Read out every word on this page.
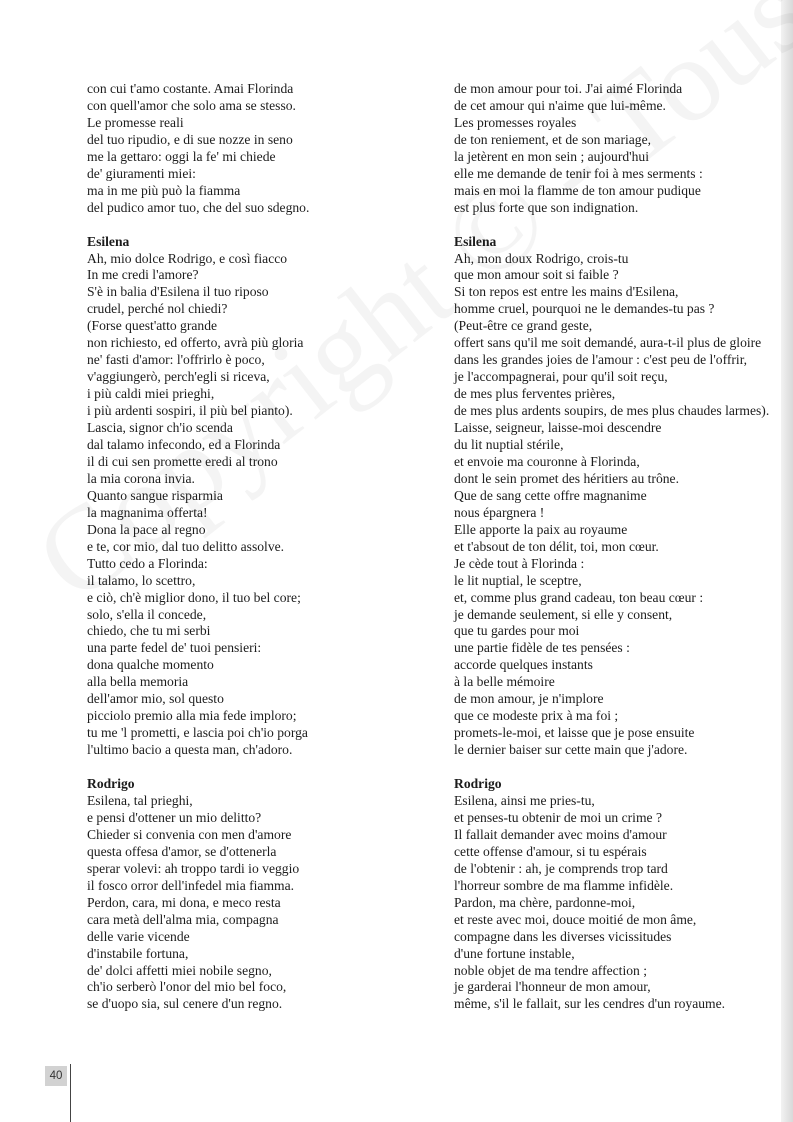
con cui t'amo costante. Amai Florinda
con quell'amor che solo ama se stesso.
Le promesse reali
del tuo ripudio, e di sue nozze in seno
me la gettaro: oggi la fe' mi chiede
de' giuramenti miei:
ma in me più può la fiamma
del pudico amor tuo, che del suo sdegno.
Esilena
Ah, mio dolce Rodrigo, e così fiacco
In me credi l'amore?
S'è in balia d'Esilena il tuo riposo
crudel, perché nol chiedi?
(Forse quest'atto grande
non richiesto, ed offerto, avrà più gloria
ne' fasti d'amor: l'offrirlo è poco,
v'aggiungerò, perch'egli si riceva,
i più caldi miei prieghi,
i più ardenti sospiri, il più bel pianto).
Lascia, signor ch'io scenda
dal talamo infecondo, ed a Florinda
il di cui sen promette eredi al trono
la mia corona invia.
Quanto sangue risparmia
la magnanima offerta!
Dona la pace al regno
e te, cor mio, dal tuo delitto assolve.
Tutto cedo a Florinda:
il talamo, lo scettro,
e ciò, ch'è miglior dono, il tuo bel core;
solo, s'ella il concede,
chiedo, che tu mi serbi
una parte fedel de' tuoi pensieri:
dona qualche momento
alla bella memoria
dell'amor mio, sol questo
picciolo premio alla mia fede imploro;
tu me 'l prometti, e lascia poi ch'io porga
l'ultimo bacio a questa man, ch'adoro.
Rodrigo
Esilena, tal prieghi,
e pensi d'ottener un mio delitto?
Chieder si convenia con men d'amore
questa offesa d'amor, se d'ottenerla
sperar volevi: ah troppo tardi io veggio
il fosco orror dell'infedel mia fiamma.
Perdon, cara, mi dona, e meco resta
cara metà dell'alma mia, compagna
delle varie vicende
d'instabile fortuna,
de' dolci affetti miei nobile segno,
ch'io serberò l'onor del mio bel foco,
se d'uopo sia, sul cenere d'un regno.
de mon amour pour toi. J'ai aimé Florinda
de cet amour qui n'aime que lui-même.
Les promesses royales
de ton reniement, et de son mariage,
la jetèrent en mon sein ; aujourd'hui
elle me demande de tenir foi à mes serments :
mais en moi la flamme de ton amour pudique
est plus forte que son indignation.
Esilena
Ah, mon doux Rodrigo, crois-tu
que mon amour soit si faible ?
Si ton repos est entre les mains d'Esilena,
homme cruel, pourquoi ne le demandes-tu pas ?
(Peut-être ce grand geste,
offert sans qu'il me soit demandé, aura-t-il plus de gloire
dans les grandes joies de l'amour : c'est peu de l'offrir,
je l'accompagnerai, pour qu'il soit reçu,
de mes plus ferventes prières,
de mes plus ardents soupirs, de mes plus chaudes larmes).
Laisse, seigneur, laisse-moi descendre
du lit nuptial stérile,
et envoie ma couronne à Florinda,
dont le sein promet des héritiers au trône.
Que de sang cette offre magnanime
nous épargnera !
Elle apporte la paix au royaume
et t'absout de ton délit, toi, mon cœur.
Je cède tout à Florinda :
le lit nuptial, le sceptre,
et, comme plus grand cadeau, ton beau cœur :
je demande seulement, si elle y consent,
que tu gardes pour moi
une partie fidèle de tes pensées :
accorde quelques instants
à la belle mémoire
de mon amour, je n'implore
que ce modeste prix à ma foi ;
promets-le-moi, et laisse que je pose ensuite
le dernier baiser sur cette main que j'adore.
Rodrigo
Esilena, ainsi me pries-tu,
et penses-tu obtenir de moi un crime ?
Il fallait demander avec moins d'amour
cette offense d'amour, si tu espérais
de l'obtenir : ah, je comprends trop tard
l'horreur sombre de ma flamme infidèle.
Pardon, ma chère, pardonne-moi,
et reste avec moi, douce moitié de mon âme,
compagne dans les diverses vicissitudes
d'une fortune instable,
noble objet de ma tendre affection ;
je garderai l'honneur de mon amour,
même, s'il le fallait, sur les cendres d'un royaume.
40
